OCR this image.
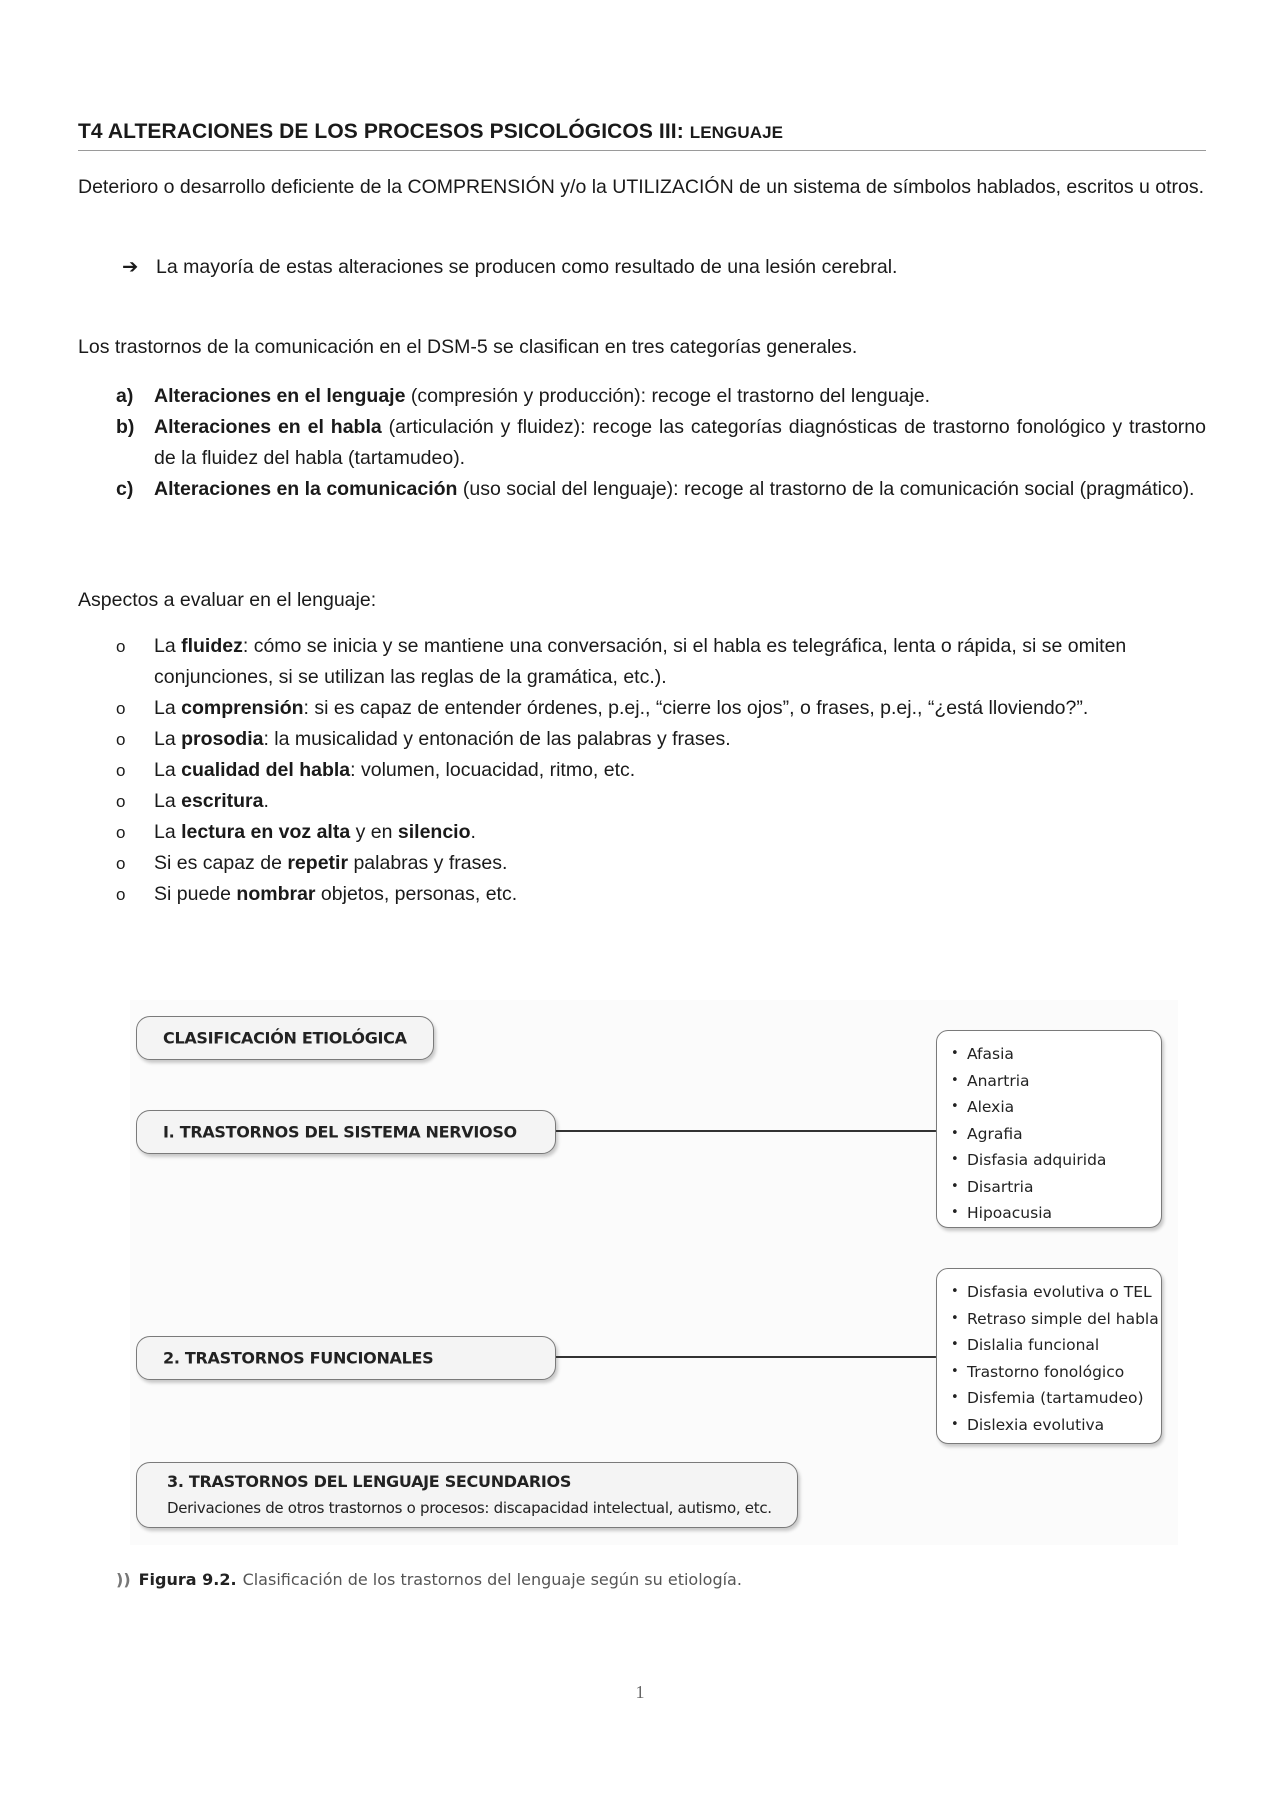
T4 ALTERACIONES DE LOS PROCESOS PSICOLÓGICOS III: LENGUAJE
Deterioro o desarrollo deficiente de la COMPRENSIÓN y/o la UTILIZACIÓN de un sistema de símbolos hablados, escritos u otros.
➔ La mayoría de estas alteraciones se producen como resultado de una lesión cerebral.
Los trastornos de la comunicación en el DSM-5 se clasifican en tres categorías generales.
a) Alteraciones en el lenguaje (compresión y producción): recoge el trastorno del lenguaje.
b) Alteraciones en el habla (articulación y fluidez): recoge las categorías diagnósticas de trastorno fonológico y trastorno de la fluidez del habla (tartamudeo).
c) Alteraciones en la comunicación (uso social del lenguaje): recoge al trastorno de la comunicación social (pragmático).
Aspectos a evaluar en el lenguaje:
o La fluidez: cómo se inicia y se mantiene una conversación, si el habla es telegráfica, lenta o rápida, si se omiten conjunciones, si se utilizan las reglas de la gramática, etc.).
o La comprensión: si es capaz de entender órdenes, p.ej., “cierre los ojos”, o frases, p.ej., “¿está lloviendo?”.
o La prosodia: la musicalidad y entonación de las palabras y frases.
o La cualidad del habla: volumen, locuacidad, ritmo, etc.
o La escritura.
o La lectura en voz alta y en silencio.
o Si es capaz de repetir palabras y frases.
o Si puede nombrar objetos, personas, etc.
CLASIFICACIÓN ETIOLÓGICA
I. TRASTORNOS DEL SISTEMA NERVIOSO
• Afasia
• Anartria
• Alexia
• Agrafia
• Disfasia adquirida
• Disartria
• Hipoacusia
2. TRASTORNOS FUNCIONALES
• Disfasia evolutiva o TEL
• Retraso simple del habla
• Dislalia funcional
• Trastorno fonológico
• Disfemia (tartamudeo)
• Dislexia evolutiva
3. TRASTORNOS DEL LENGUAJE SECUNDARIOS
Derivaciones de otros trastornos o procesos: discapacidad intelectual, autismo, etc.
)) Figura 9.2. Clasificación de los trastornos del lenguaje según su etiología.
1
